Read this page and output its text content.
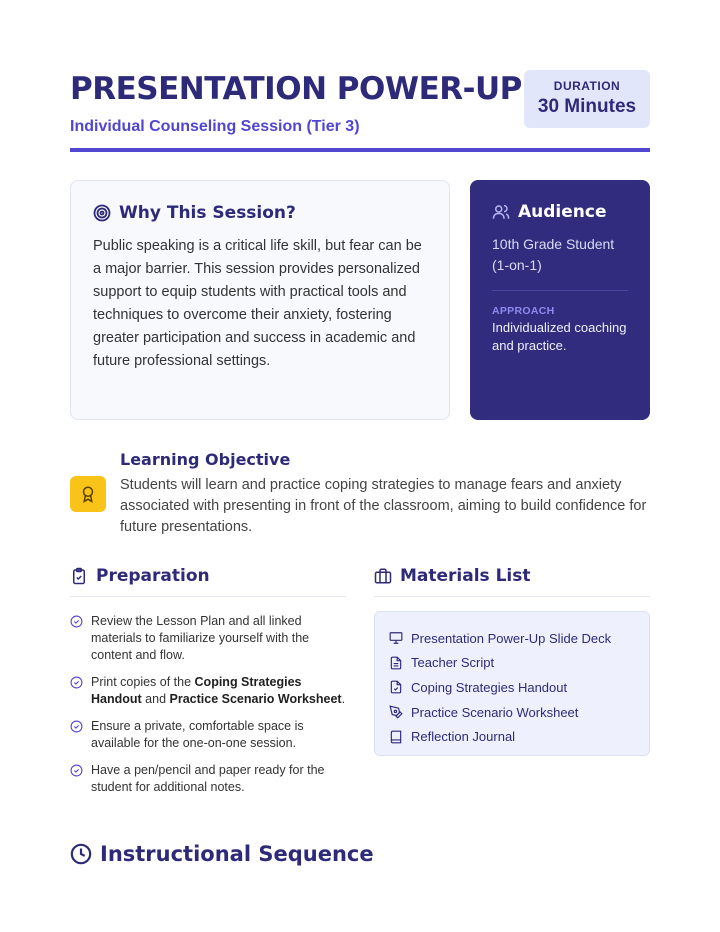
PRESENTATION POWER-UP
Individual Counseling Session (Tier 3)
DURATION
30 Minutes
Why This Session?

Public speaking is a critical life skill, but fear can be a major barrier. This session provides personalized support to equip students with practical tools and techniques to overcome their anxiety, fostering greater participation and success in academic and future professional settings.

Audience
10th Grade Student (1-on-1)
APPROACH
Individualized coaching and practice.
Learning Objective

Students will learn and practice coping strategies to manage fears and anxiety associated with presenting in front of the classroom, aiming to build confidence for future presentations.

Preparation
Review the Lesson Plan and all linked materials to familiarize yourself with the content and flow.
Print copies of the Coping Strategies Handout and Practice Scenario Worksheet.
Ensure a private, comfortable space is available for the one-on-one session.
Have a pen/pencil and paper ready for the student for additional notes.
Materials List
Presentation Power-Up Slide Deck
Teacher Script
Coping Strategies Handout
Practice Scenario Worksheet
Reflection Journal
Instructional Sequence
